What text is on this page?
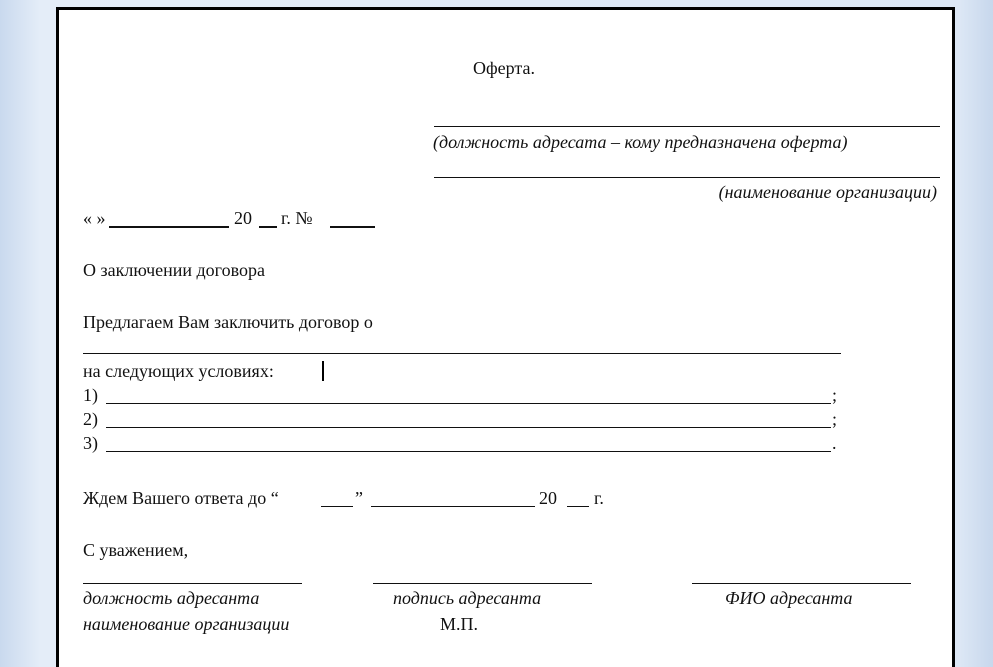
Оферта.
(должность адресата – кому предназначена оферта)
(наименование организации)
« »	20 г. №
О заключении договора
Предлагаем Вам заключить договор о
на следующих условиях:
1)	;
2)	;
3)	.
Ждем Вашего ответа до “	”	20 г.
С уважением,
должность адресанта	подпись адресанта	ФИО адресанта
наименование организации	М.П.
